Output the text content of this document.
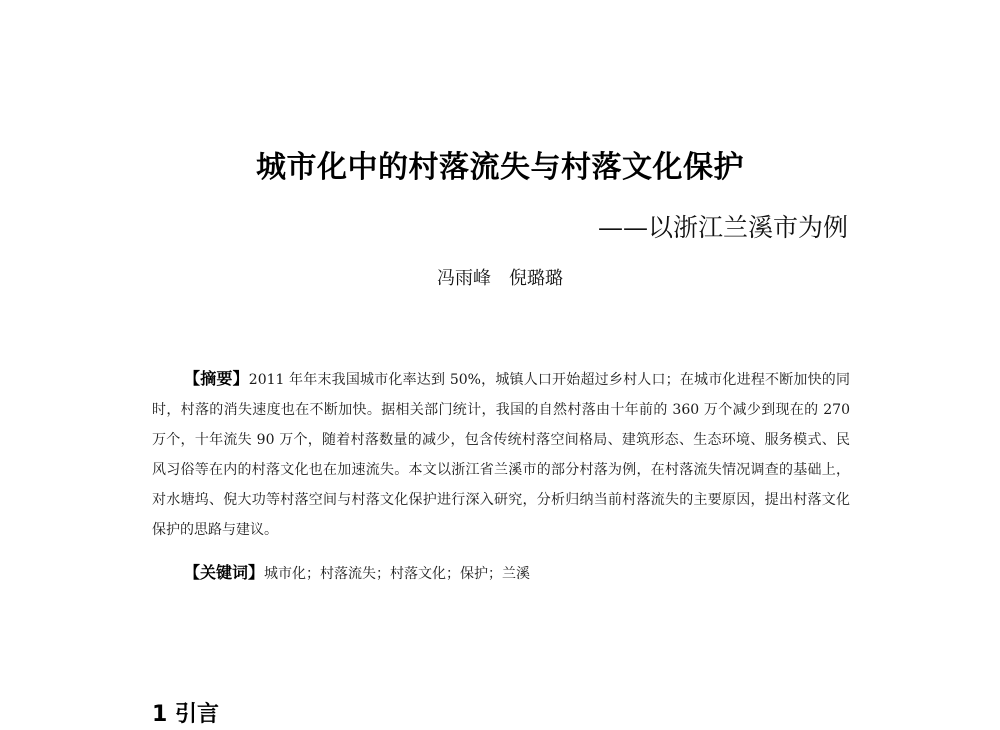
城市化中的村落流失与村落文化保护
——以浙江兰溪市为例
冯雨峰　倪璐璐

【摘要】2011 年年末我国城市化率达到 50%，城镇人口开始超过乡村人口；在城市化进程不断加快的同时，村落的消失速度也在不断加快。据相关部门统计，我国的自然村落由十年前的 360 万个减少到现在的 270 万个，十年流失 90 万个，随着村落数量的减少，包含传统村落空间格局、建筑形态、生态环境、服务模式、民风习俗等在内的村落文化也在加速流失。本文以浙江省兰溪市的部分村落为例，在村落流失情况调查的基础上，对水塘坞、倪大功等村落空间与村落文化保护进行深入研究，分析归纳当前村落流失的主要原因，提出村落文化保护的思路与建议。

【关键词】城市化；村落流失；村落文化；保护；兰溪

1 引言
